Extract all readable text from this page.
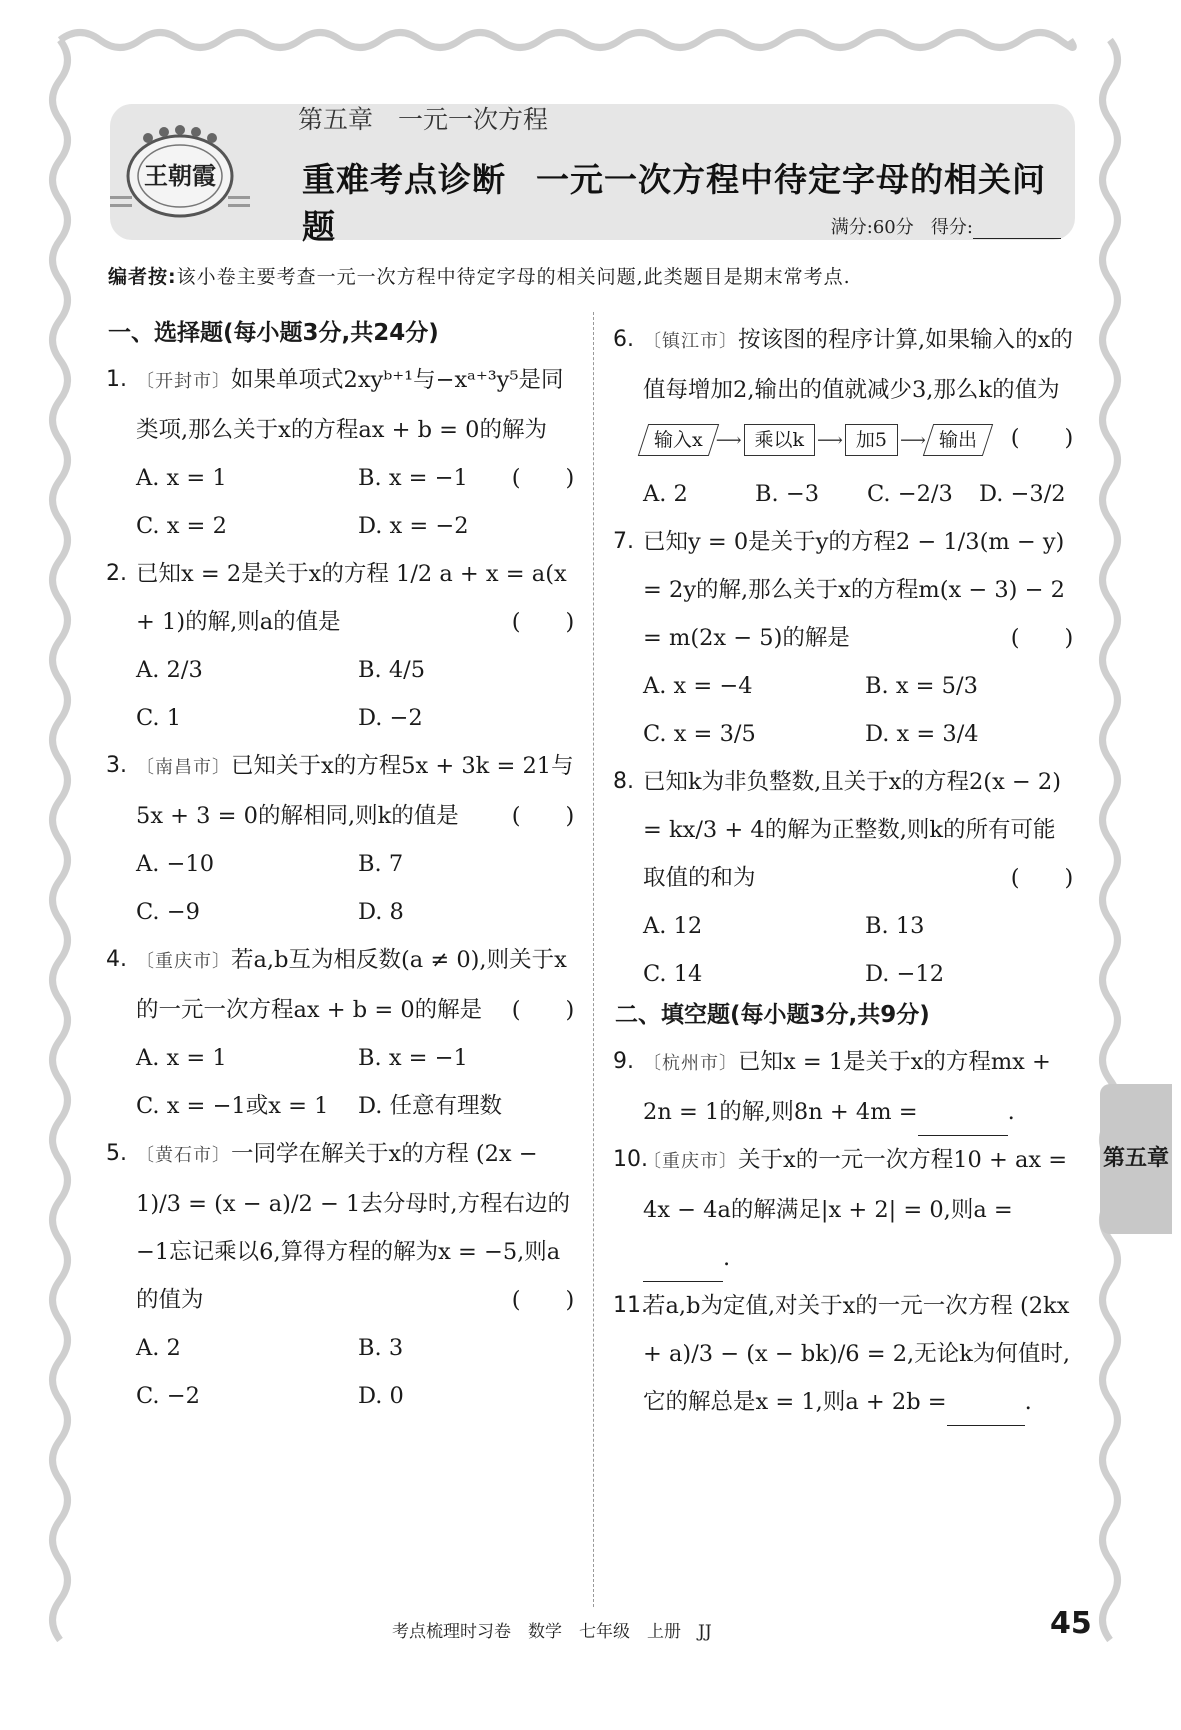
王朝霞
第五章　一元一次方程
重难考点诊断 一元一次方程中待定字母的相关问题	满分:60分 得分:
编者按:该小卷主要考查一元一次方程中待定字母的相关问题,此类题目是期末常考点.
一、选择题(每小题3分,共24分)
1. 〔开封市〕如果单项式2xyᵇ⁺¹与−xᵃ⁺³y⁵是同类项,那么关于x的方程ax + b = 0的解为
(　　)
A. x = 1	B. x = −1
C. x = 2	D. x = −2
2. 已知x = 2是关于x的方程 1/2 a + x = a(x + 1)的解,则a的值是	(　　)
A. 2/3	B. 4/5
C. 1	D. −2
3. 〔南昌市〕已知关于x的方程5x + 3k = 21与5x + 3 = 0的解相同,则k的值是 (　　)
A. −10	B. 7
C. −9	D. 8
4. 〔重庆市〕若a,b互为相反数(a ≠ 0),则关于x的一元一次方程ax + b = 0的解是 (　　)
A. x = 1	B. x = −1
C. x = −1或x = 1	D. 任意有理数
5. 〔黄石市〕一同学在解关于x的方程 (2x − 1)/3 = (x − a)/2 − 1去分母时,方程右边的−1忘记乘以6,算得方程的解为x = −5,则a的值为	(　　)
A. 2	B. 3
C. −2	D. 0
6. 〔镇江市〕按该图的程序计算,如果输入的x的值每增加2,输出的值就减少3,那么k的值为
(　　)
输入x ⟶ 乘以k ⟶ 加5 ⟶ 输出
A. 2	B. −3	C. −2/3	D. −3/2
7. 已知y = 0是关于y的方程2 − 1/3(m − y) = 2y的解,那么关于x的方程m(x − 3) − 2 = m(2x − 5)的解是	(　　)
A. x = −4	B. x = 5/3
C. x = 3/5	D. x = 3/4
8. 已知k为非负整数,且关于x的方程2(x − 2) = kx/3 + 4的解为正整数,则k的所有可能取值的和为	(　　)
A. 12	B. 13
C. 14	D. −12
二、填空题(每小题3分,共9分)
9. 〔杭州市〕已知x = 1是关于x的方程mx + 2n = 1的解,则8n + 4m =	.
10.
〔重庆市〕关于x的一元一次方程10 + ax = 4x − 4a的解满足|x + 2| = 0,则a =.
11.
若a,b为定值,对关于x的一元一次方程 (2kx + a)/3 − (x − bk)/6 = 2,无论k为何值时,它的解总是x = 1,则a + 2b =	.
第五章
考点梳理时习卷　数学　七年级　上册　JJ	45
